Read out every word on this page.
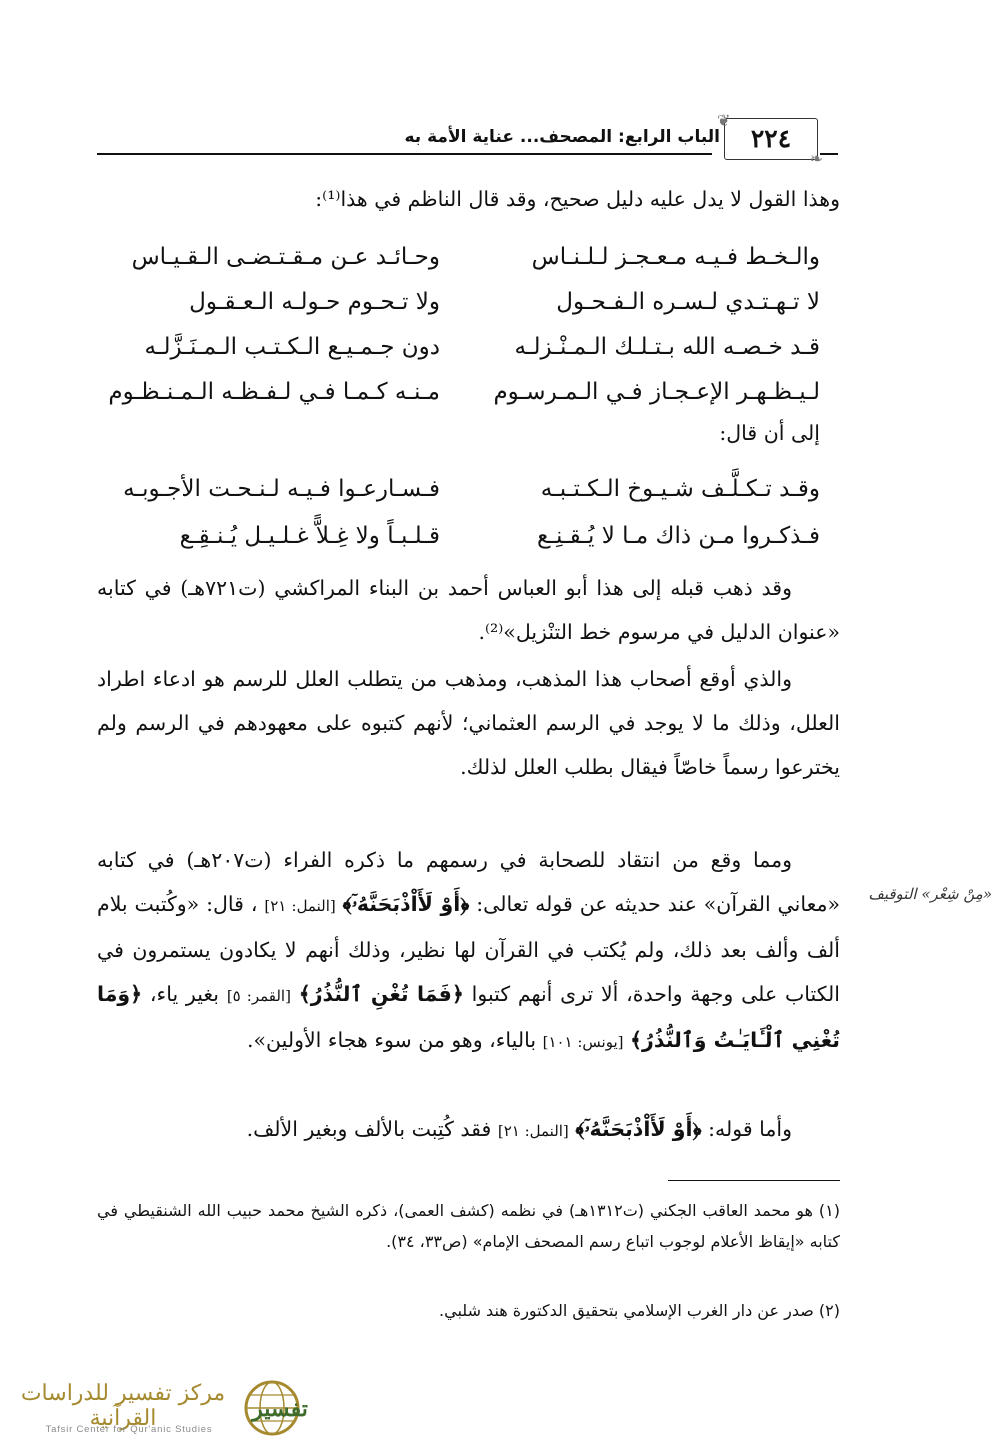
❦
❧
٢٢٤
الباب الرابع: المصحف... عناية الأمة به
وهذا القول لا يدل عليه دليل صحيح، وقد قال الناظم في هذا⁽¹⁾:
والـخـط فـيـه مـعـجـز لـلـنـاس
وحـائـد عـن مـقـتـضـى الـقـيـاس
لا تـهـتـدي لـسـره الـفـحـول
ولا تـحـوم حـولـه الـعـقـول
قـد خـصـه الله بـتـلـك الـمـنْـزلـه
دون جـمـيـع الـكـتـب الـمـنَـزَّلـه
لـيـظـهـر الإعـجـاز فـي الـمـرسـوم
مـنـه كـمـا فـي لـفـظـه الـمـنـظـوم
إلى أن قال:
وقـد تـكـلَّـف شـيـوخ الـكـتـبـه
فـسـارعـوا فـيـه لـنـحـت الأجـوبـه
فـذكـروا مـن ذاك مـا لا يُـقـنِـع
قـلـبـاً ولا غِـلاًّ غـلـيـل يُـنـقِـع
وقد ذهب قبله إلى هذا أبو العباس أحمد بن البناء المراكشي (ت٧٢١هـ) في كتابه «عنوان الدليل في مرسوم خط التنْزيل»⁽²⁾.
والذي أوقع أصحاب هذا المذهب، ومذهب من يتطلب العلل للرسم هو ادعاء اطراد العلل، وذلك ما لا يوجد في الرسم العثماني؛ لأنهم كتبوه على معهودهم في الرسم ولم يخترعوا رسماً خاصّاً فيقال بطلب العلل لذلك.
ومما وقع من انتقاد للصحابة في رسمهم ما ذكره الفراء (ت٢٠٧هـ) في كتابه «معاني القرآن» عند حديثه عن قوله تعالى: ﴿أَوْ لَأَاْذْبَحَنَّهُۥٓ﴾ [النمل: ٢١] ، قال: «وكُتبت بلام ألف وألف بعد ذلك، ولم يُكتب في القرآن لها نظير، وذلك أنهم لا يكادون يستمرون في الكتاب على وجهة واحدة، ألا ترى أنهم كتبوا ﴿فَمَا تُغْنِ ٱلنُّذُرُ﴾ [القمر: ٥] بغير ياء، ﴿وَمَا تُغْنِي ٱلْـَٔايَـٰتُ وَٱلنُّذُرُ﴾ [يونس: ١٠١] بالياء، وهو من سوء هجاء الأولين».
وأما قوله: ﴿أَوْ لَأَاْذْبَحَنَّهُۥٓ﴾ [النمل: ٢١] فقد كُتِبت بالألف وبغير الألف.
«مِنْ شِعْر» التوقيف
(١) هو محمد العاقب الجكني (ت١٣١٢هـ) في نظمه (كشف العمى)، ذكره الشيخ محمد حبيب الله الشنقيطي في كتابه «إيقاظ الأعلام لوجوب اتباع رسم المصحف الإمام» (ص٣٣، ٣٤).
(٢) صدر عن دار الغرب الإسلامي بتحقيق الدكتورة هند شلبي.
تفسير
مركز تفسير للدراسات القرآنية
Tafsir Center for Qur'anic Studies
